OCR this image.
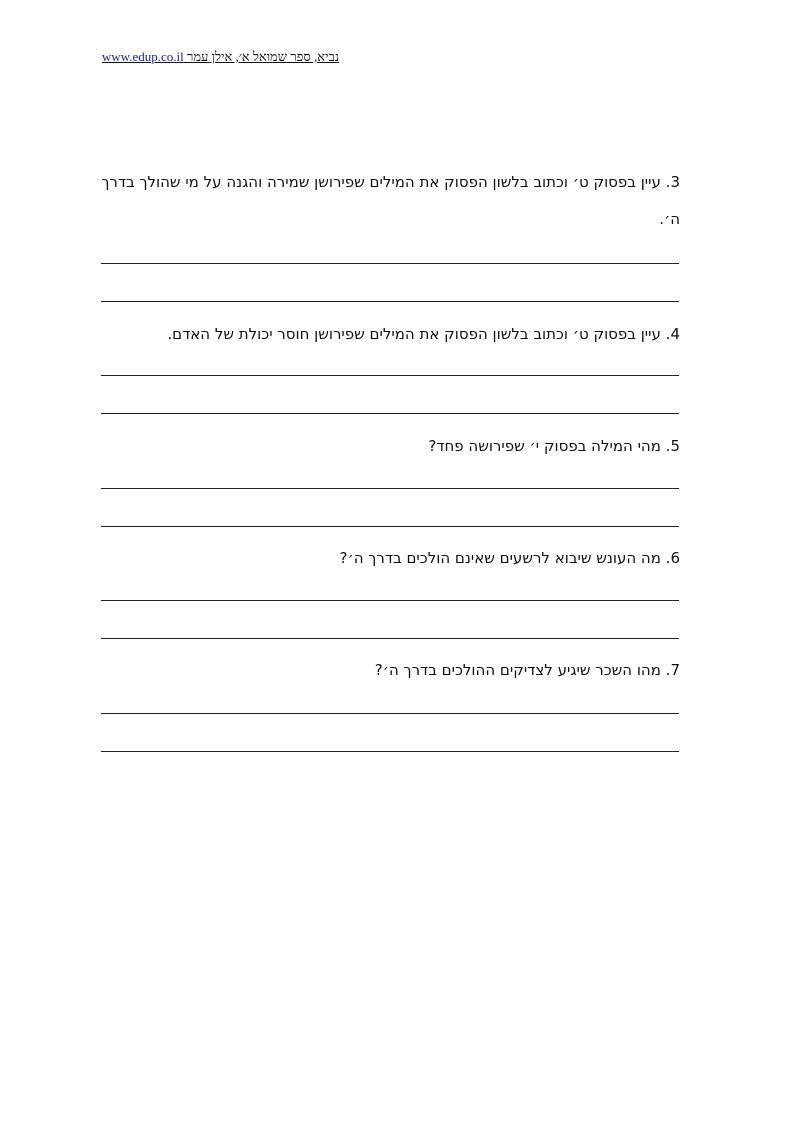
נביא, ספר שמואל א׳, אילן עמר www.edup.co.il
3. עיין בפסוק ט׳ וכתוב בלשון הפסוק את המילים שפירושן שמירה והגנה על מי שהולך בדרך ה׳.
4. עיין בפסוק ט׳ וכתוב בלשון הפסוק את המילים שפירושן חוסר יכולת של האדם.
5. מהי המילה בפסוק י׳ שפירושה פחד?
6. מה העונש שיבוא לרשעים שאינם הולכים בדרך ה׳?
7. מהו השכר שיגיע לצדיקים ההולכים בדרך ה׳?
